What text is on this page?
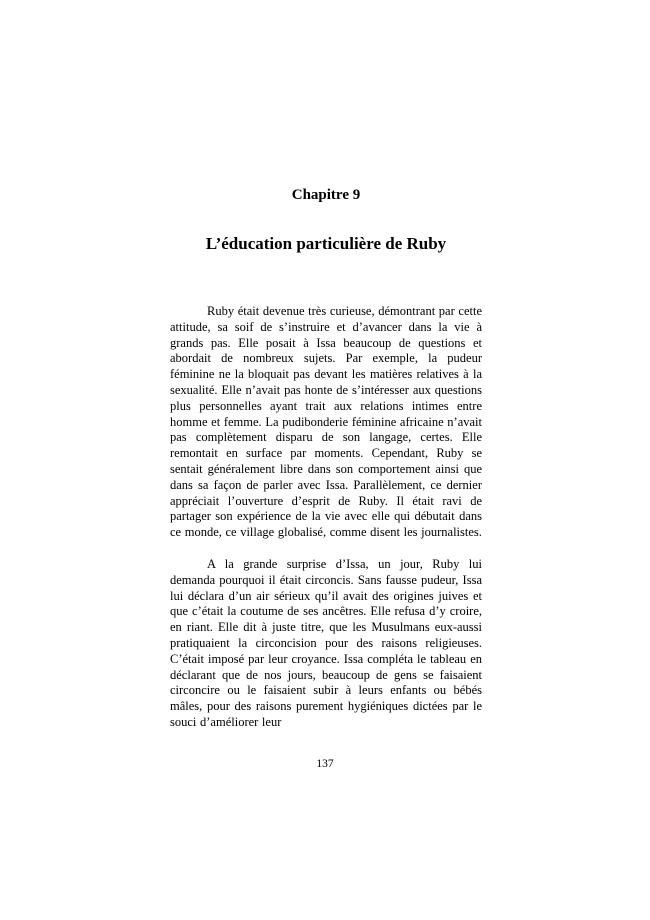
Chapitre 9
L’éducation particulière de Ruby

Ruby était devenue très curieuse, démontrant par cette attitude, sa soif de s’instruire et d’avancer dans la vie à grands pas. Elle posait à Issa beaucoup de questions et abordait de nombreux sujets. Par exemple, la pudeur féminine ne la bloquait pas devant les matières relatives à la sexualité. Elle n’avait pas honte de s’intéresser aux questions plus personnelles ayant trait aux relations intimes entre homme et femme. La pudibonderie féminine africaine n’avait pas complètement disparu de son langage, certes. Elle remontait en surface par moments. Cependant, Ruby se sentait généralement libre dans son comportement ainsi que dans sa façon de parler avec Issa. Parallèlement, ce dernier appréciait l’ouverture d’esprit de Ruby. Il était ravi de partager son expérience de la vie avec elle qui débutait dans ce monde, ce village globalisé, comme disent les journalistes.

A la grande surprise d’Issa, un jour, Ruby lui demanda pourquoi il était circoncis. Sans fausse pudeur, Issa lui déclara d’un air sérieux qu’il avait des origines juives et que c’était la coutume de ses ancêtres. Elle refusa d’y croire, en riant. Elle dit à juste titre, que les Musulmans eux-aussi pratiquaient la circoncision pour des raisons religieuses. C’était imposé par leur croyance. Issa compléta le tableau en déclarant que de nos jours, beaucoup de gens se faisaient circoncire ou le faisaient subir à leurs enfants ou bébés mâles, pour des raisons purement hygiéniques dictées par le souci d’améliorer leur

137
